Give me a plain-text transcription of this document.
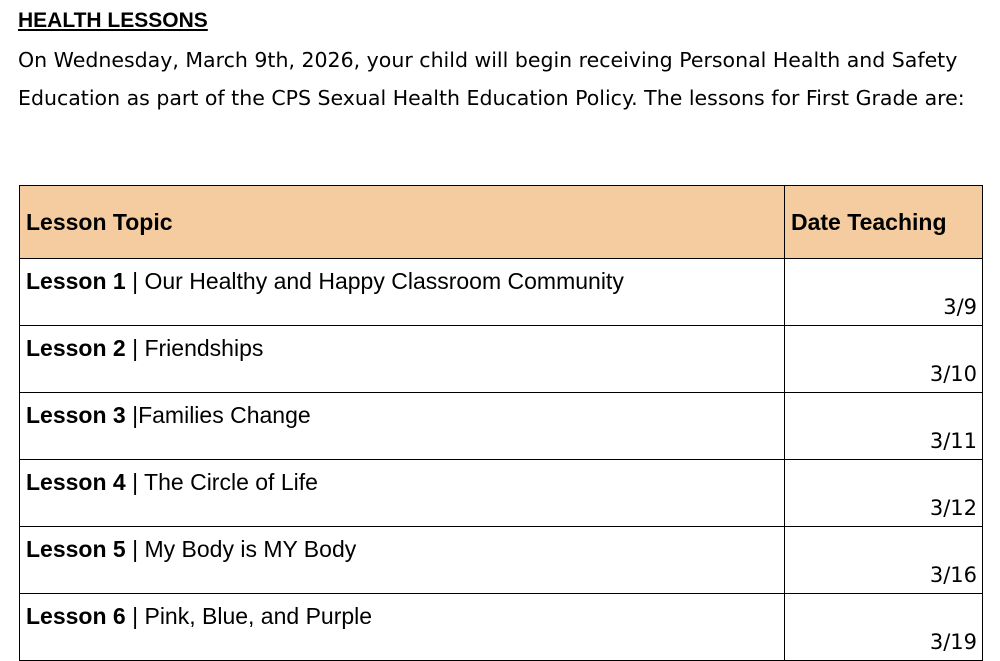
HEALTH LESSONS

On Wednesday, March 9th, 2026, your child will begin receiving Personal Health and Safety Education as part of the CPS Sexual Health Education Policy. The lessons for First Grade are:

Lesson Topic	Date Teaching
Lesson 1 | Our Healthy and Happy Classroom Community	3/9
Lesson 2 | Friendships	3/10
Lesson 3 |Families Change	3/11
Lesson 4 | The Circle of Life	3/12
Lesson 5 | My Body is MY Body	3/16
Lesson 6 | Pink, Blue, and Purple	3/19
